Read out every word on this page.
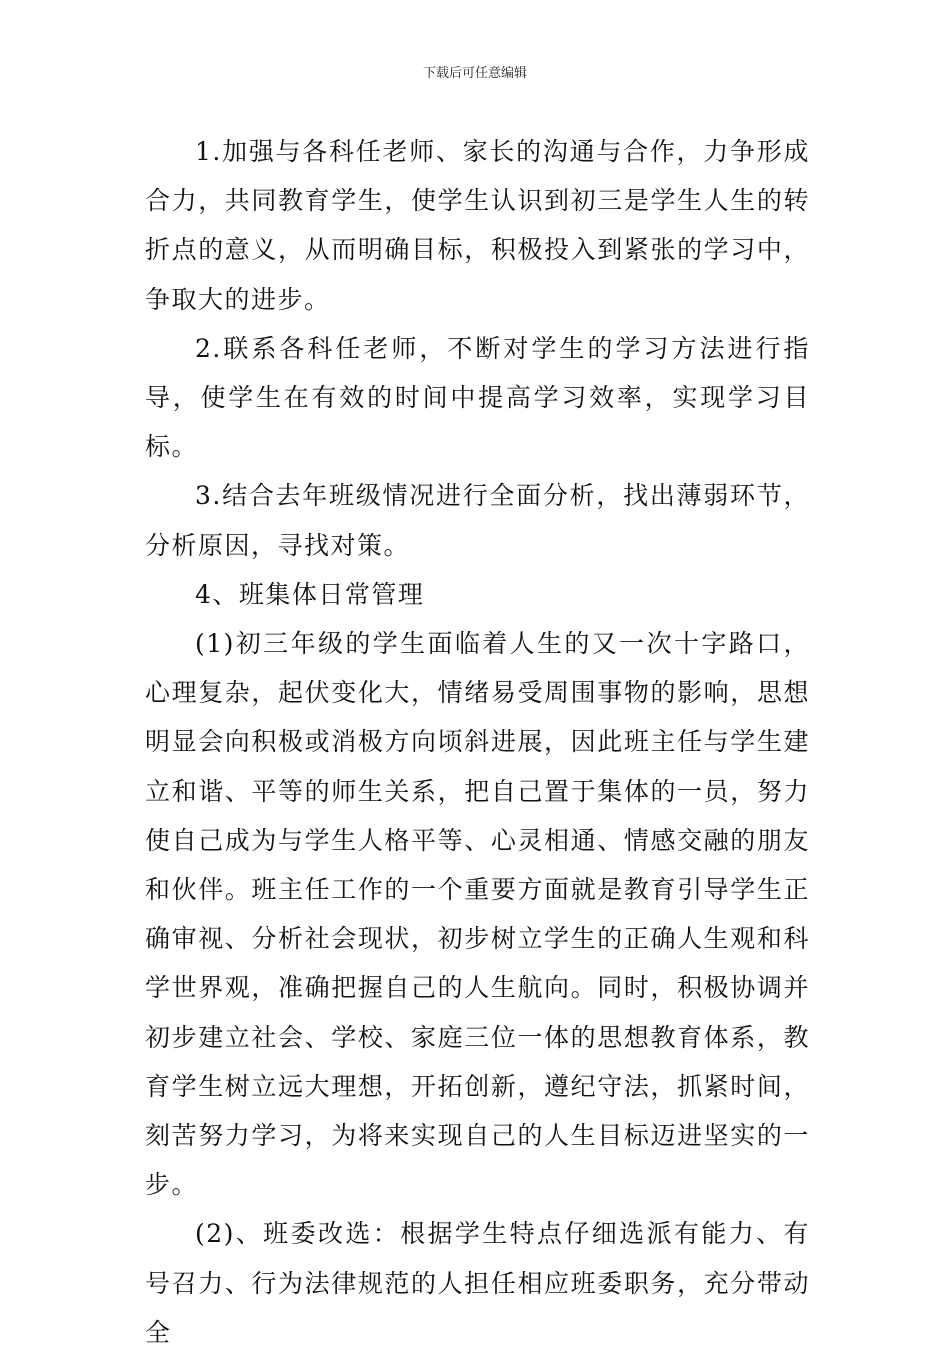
下载后可任意编辑

1.加强与各科任老师、家长的沟通与合作，力争形成合力，共同教育学生，使学生认识到初三是学生人生的转折点的意义，从而明确目标，积极投入到紧张的学习中，争取大的进步。

2.联系各科任老师，不断对学生的学习方法进行指导，使学生在有效的时间中提高学习效率，实现学习目标。

3.结合去年班级情况进行全面分析，找出薄弱环节，分析原因，寻找对策。

4、班集体日常管理

(1)初三年级的学生面临着人生的又一次十字路口，心理复杂，起伏变化大，情绪易受周围事物的影响，思想明显会向积极或消极方向顷斜进展，因此班主任与学生建立和谐、平等的师生关系，把自己置于集体的一员，努力使自己成为与学生人格平等、心灵相通、情感交融的朋友和伙伴。班主任工作的一个重要方面就是教育引导学生正确审视、分析社会现状，初步树立学生的正确人生观和科学世界观，准确把握自己的人生航向。同时，积极协调并初步建立社会、学校、家庭三位一体的思想教育体系，教育学生树立远大理想，开拓创新，遵纪守法，抓紧时间，刻苦努力学习，为将来实现自己的人生目标迈进坚实的一步。

(2)、班委改选：根据学生特点仔细选派有能力、有号召力、行为法律规范的人担任相应班委职务，充分带动全
